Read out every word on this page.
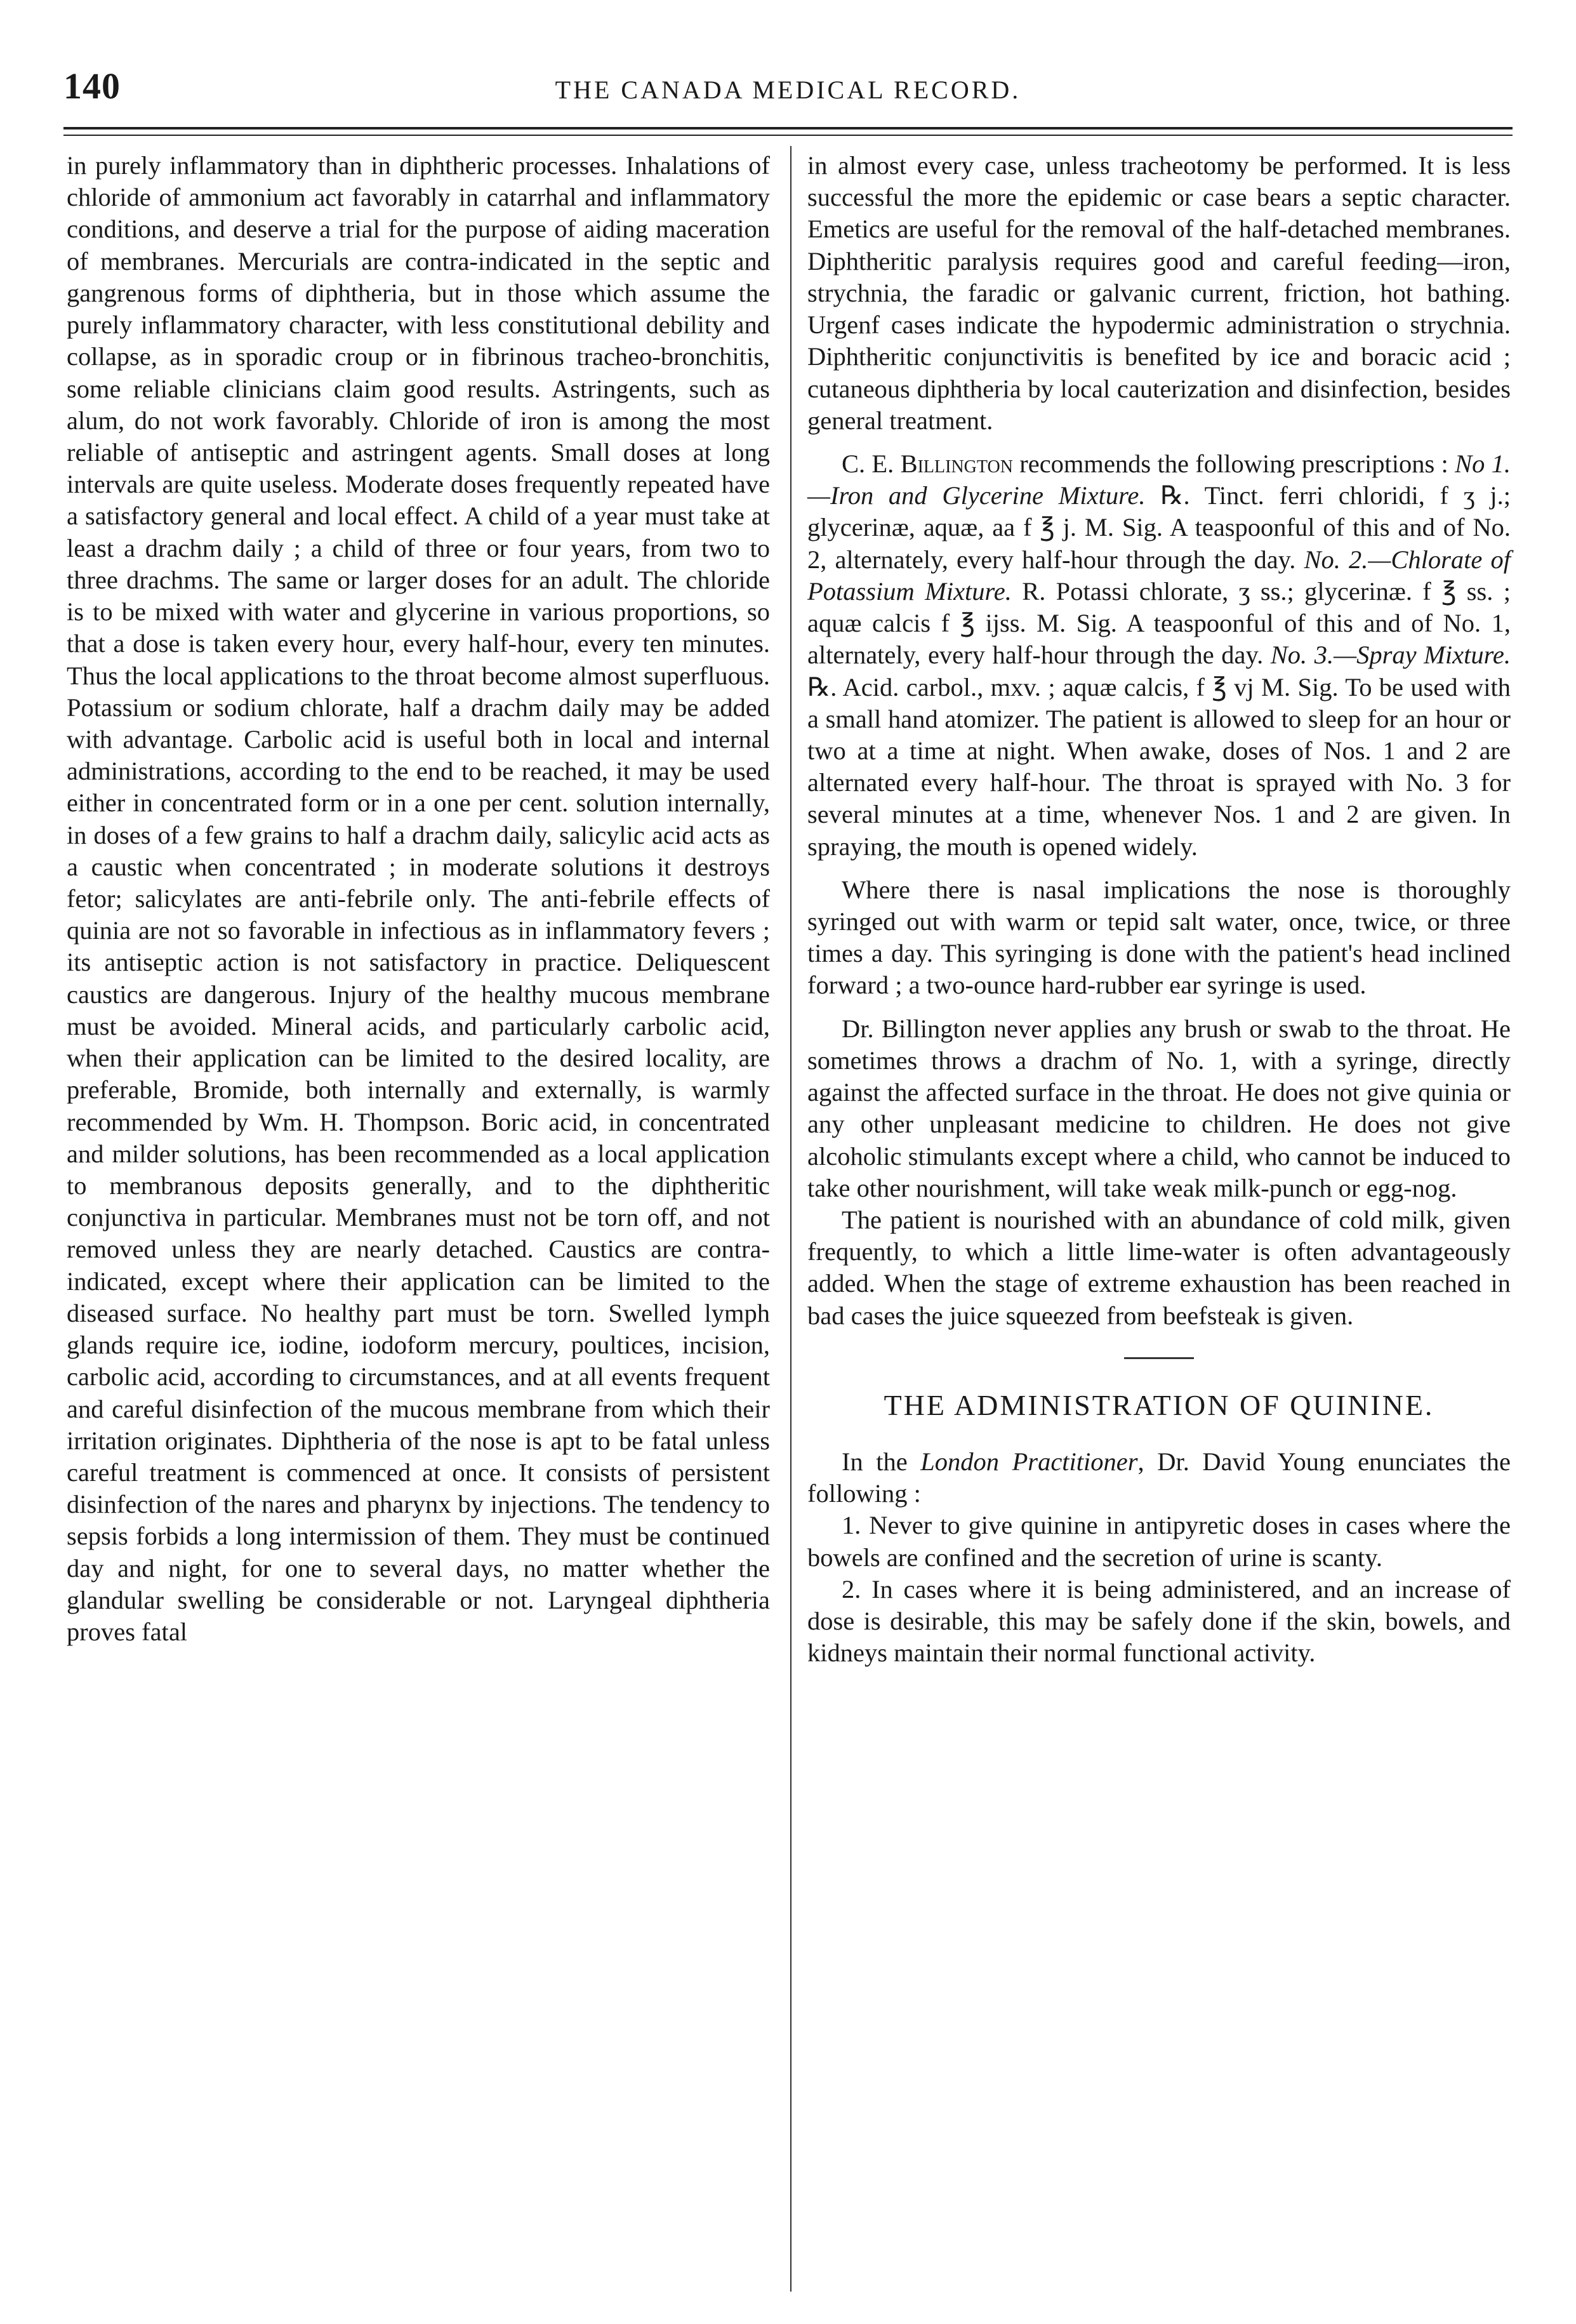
140	THE CANADA MEDICAL RECORD.

in purely inflammatory than in diphtheric processes. Inhalations of chloride of ammonium act favorably in catarrhal and inflammatory conditions, and deserve a trial for the purpose of aiding maceration of membranes. Mercurials are contra-indicated in the septic and gangrenous forms of diphtheria, but in those which assume the purely inflammatory character, with less constitutional debility and collapse, as in sporadic croup or in fibrinous tracheo-bronchitis, some reliable clinicians claim good results. Astringents, such as alum, do not work favorably. Chloride of iron is among the most reliable of antiseptic and astringent agents. Small doses at long intervals are quite useless. Moderate doses frequently repeated have a satisfactory general and local effect. A child of a year must take at least a drachm daily ; a child of three or four years, from two to three drachms. The same or larger doses for an adult. The chloride is to be mixed with water and glycerine in various proportions, so that a dose is taken every hour, every half-hour, every ten minutes. Thus the local applications to the throat become almost superfluous. Potassium or sodium chlorate, half a drachm daily may be added with advantage. Carbolic acid is useful both in local and internal administrations, according to the end to be reached, it may be used either in concentrated form or in a one per cent. solution internally, in doses of a few grains to half a drachm daily, salicylic acid acts as a caustic when concentrated ; in moderate solutions it destroys fetor; salicylates are anti-febrile only. The anti-febrile effects of quinia are not so favorable in infectious as in inflammatory fevers ; its antiseptic action is not satisfactory in practice. Deliquescent caustics are dangerous. Injury of the healthy mucous membrane must be avoided. Mineral acids, and particularly carbolic acid, when their application can be limited to the desired locality, are preferable, Bromide, both internally and externally, is warmly recommended by Wm. H. Thompson. Boric acid, in concentrated and milder solutions, has been recommended as a local application to membranous deposits generally, and to the diphtheritic conjunctiva in particular. Membranes must not be torn off, and not removed unless they are nearly detached. Caustics are contra-indicated, except where their application can be limited to the diseased surface. No healthy part must be torn. Swelled lymph glands require ice, iodine, iodoform mercury, poultices, incision, carbolic acid, according to circumstances, and at all events frequent and careful disinfection of the mucous membrane from which their irritation originates. Diphtheria of the nose is apt to be fatal unless careful treatment is commenced at once. It consists of persistent disinfection of the nares and pharynx by injections. The tendency to sepsis forbids a long intermission of them. They must be continued day and night, for one to several days, no matter whether the glandular swelling be considerable or not. Laryngeal diphtheria proves fatal

in almost every case, unless tracheotomy be performed. It is less successful the more the epidemic or case bears a septic character. Emetics are useful for the removal of the half-detached membranes. Diphtheritic paralysis requires good and careful feeding—iron, strychnia, the faradic or galvanic current, friction, hot bathing. Urgenf cases indicate the hypodermic administration o strychnia. Diphtheritic conjunctivitis is benefited by ice and boracic acid ; cutaneous diphtheria by local cauterization and disinfection, besides general treatment.

C. E. Billington recommends the following prescriptions : No 1.—Iron and Glycerine Mixture. ℞. Tinct. ferri chloridi, f ʒ j.; glycerinæ, aquæ, aa f ℥ j. M. Sig. A teaspoonful of this and of No. 2, alternately, every half-hour through the day. No. 2.—Chlorate of Potassium Mixture. R. Potassi chlorate, ʒ ss.; glycerinæ. f ℥ ss. ; aquæ calcis f ℥ ijss. M. Sig. A teaspoonful of this and of No. 1, alternately, every half-hour through the day. No. 3.—Spray Mixture. ℞. Acid. carbol., mxv. ; aquæ calcis, f ℥ vj M. Sig. To be used with a small hand atomizer. The patient is allowed to sleep for an hour or two at a time at night. When awake, doses of Nos. 1 and 2 are alternated every half-hour. The throat is sprayed with No. 3 for several minutes at a time, whenever Nos. 1 and 2 are given. In spraying, the mouth is opened widely.

Where there is nasal implications the nose is thoroughly syringed out with warm or tepid salt water, once, twice, or three times a day. This syringing is done with the patient's head inclined forward ; a two-ounce hard-rubber ear syringe is used.

Dr. Billington never applies any brush or swab to the throat. He sometimes throws a drachm of No. 1, with a syringe, directly against the affected surface in the throat. He does not give quinia or any other unpleasant medicine to children. He does not give alcoholic stimulants except where a child, who cannot be induced to take other nourishment, will take weak milk-punch or egg-nog.

The patient is nourished with an abundance of cold milk, given frequently, to which a little lime-water is often advantageously added. When the stage of extreme exhaustion has been reached in bad cases the juice squeezed from beefsteak is given.

THE ADMINISTRATION OF QUININE.

In the London Practitioner, Dr. David Young enunciates the following :

1. Never to give quinine in antipyretic doses in cases where the bowels are confined and the secretion of urine is scanty.

2. In cases where it is being administered, and an increase of dose is desirable, this may be safely done if the skin, bowels, and kidneys maintain their normal functional activity.
